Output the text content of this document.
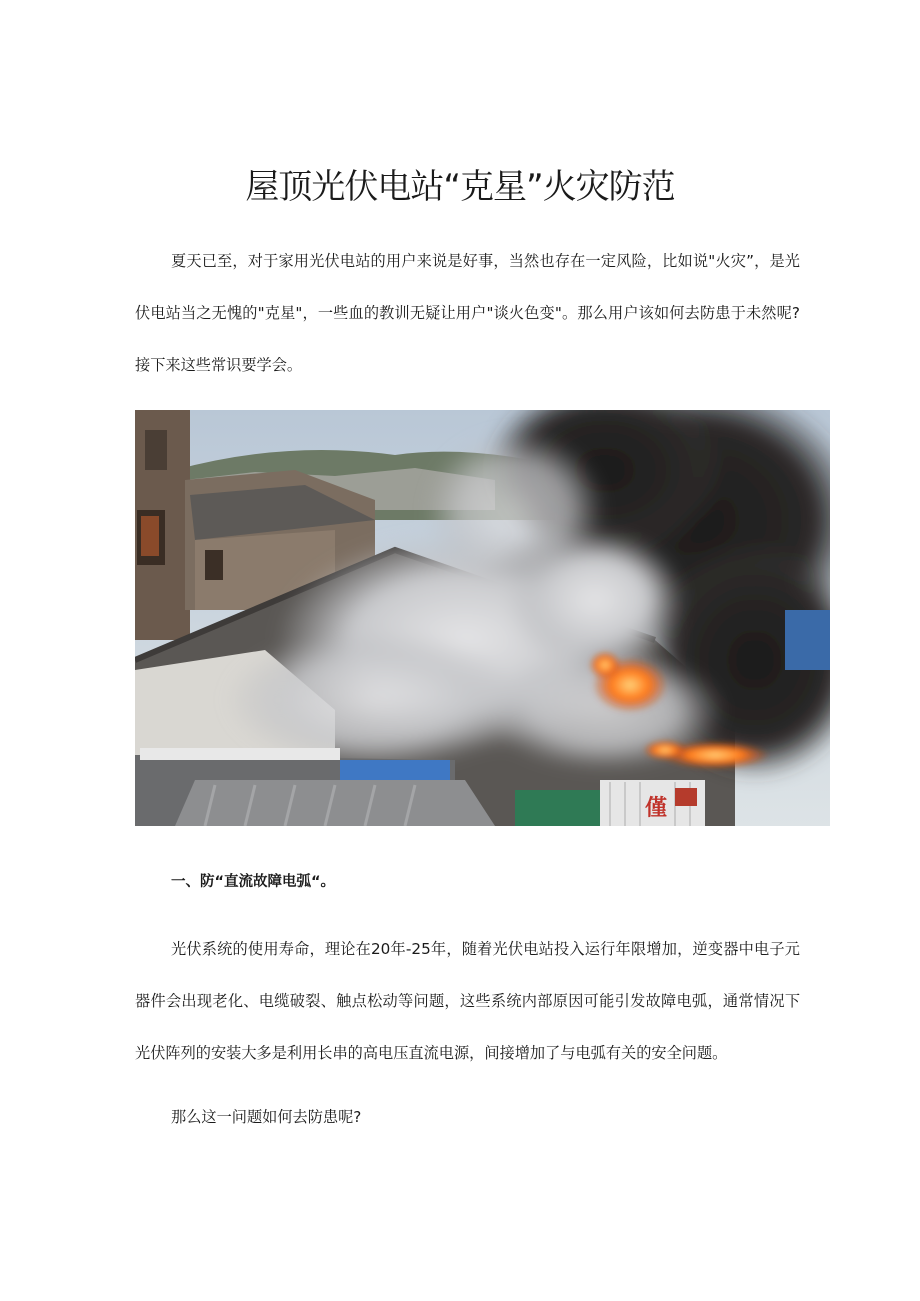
屋顶光伏电站“克星”火灾防范

夏天已至，对于家用光伏电站的用户来说是好事，当然也存在一定风险，比如说"火灾”，是光伏电站当之无愧的"克星"，一些血的教训无疑让用户"谈火色变"。那么用户该如何去防患于未然呢?接下来这些常识要学会。

僅
一、防“直流故障电弧“。

光伏系统的使用寿命，理论在20年-25年，随着光伏电站投入运行年限增加，逆变器中电子元器件会出现老化、电缆破裂、触点松动等问题，这些系统内部原因可能引发故障电弧，通常情况下光伏阵列的安装大多是利用长串的高电压直流电源，间接增加了与电弧有关的安全问题。

那么这一问题如何去防患呢?
